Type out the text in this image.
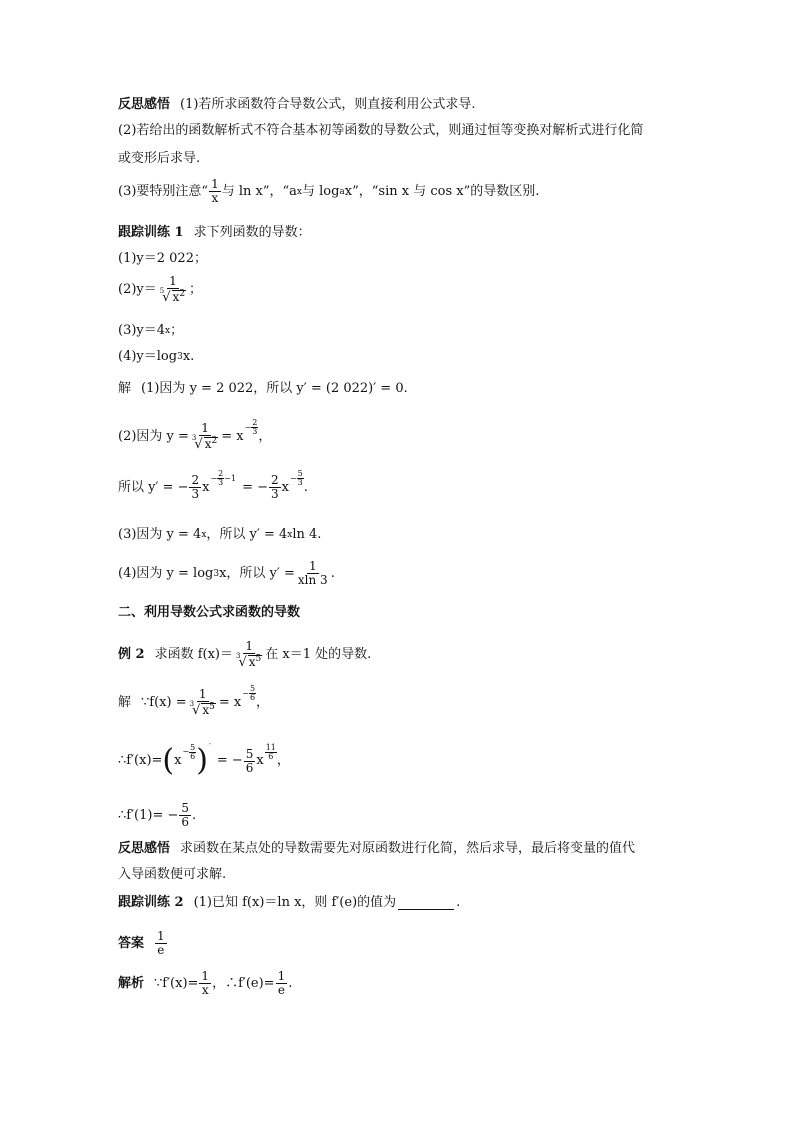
反思感悟 (1)若所求函数符合导数公式，则直接利用公式求导.
(2)若给出的函数解析式不符合基本初等函数的导数公式，则通过恒等变换对解析式进行化简
或变形后求导.
(3)要特别注意“ $\frac{1}{x}$ 与 ln x”，“a x 与 log a x”，“sin x 与 cos x”的导数区别.
跟踪训练 1 求下列函数的导数：
(1)y＝2 022；
(2)y＝ 1
5
√ $x^2$ ；
(3)y＝4 x ；
(4)y＝log 3 x.
解 (1)因为 y = 2 022，所以 y′ = (2 022)′ = 0.
(2)因为 y = 1
3
√ $x^2 = x$
− $\frac{2}{3}$ ，
所以 y′ = − $\frac{2}{3}$ x
− $\frac{2}{3} -1$
= − $\frac{2}{3}$ x
− $\frac{5}{3}$ .
(3)因为 y = 4 x ，所以 y′ = 4 x ln 4.
(4)因为 y = log 3 x，所以 $y' = \frac{1}{xln 3}$ .
二、利用导数公式求函数的导数
例 2 求函数 f(x)＝ 1
3
√ $x^5$ 在 x＝1 处的导数.
解 ∵f(x) = 1
3
√ $x^5 = x$
− $\frac{5}{6}$ ，
∴f′(x)= ( x
− $\frac{5}{6}$ ) ′
= − $\frac{5}{6}$ x
11
6 ，
∴f′(1)= − $\frac{5}{6}$ .
反思感悟 求函数在某点处的导数需要先对原函数进行化简，然后求导，最后将变量的值代
入导函数便可求解.
跟踪训练 2 (1)已知 f(x)＝ln x，则 f′(e)的值为	.
答案 $\frac{1}{e}$
解析 ∵f′(x)= $\frac{1}{x}$ ，∴f′(e)= $\frac{1}{e}$ .
